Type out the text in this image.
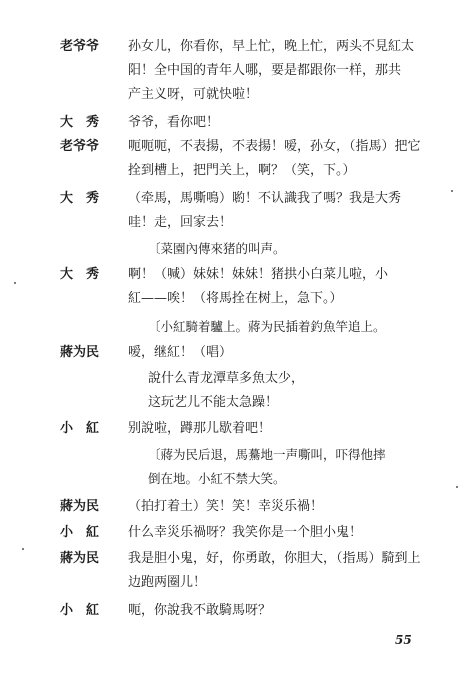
老爷爷 孙女儿，你看你，早上忙，晚上忙，两头不見紅太
阳！全中国的青年人哪，要是都跟你一样，那共
产主义呀，可就快啦！
大　秀 爷爷，看你吧！
老爷爷 呃呃呃，不表揚，不表揚！嗳，孙女，（指馬）把它
拴到槽上，把門关上，啊？（笑，下。）
大　秀 （牵馬，馬嘶鳴）喲！不认識我了嗎？我是大秀
哇！走，回家去！
〔菜園內傳來猪的叫声。
大　秀 啊！（喊）妹妹！妹妹！猪拱小白菜儿啦，小
紅——唉！（将馬拴在树上，急下。）
〔小紅騎着驢上。蔣为民插着釣魚竿追上。
蔣为民 嗳，继紅！（唱）
說什么青龙潭草多魚太少，
这玩艺儿不能太急躁！
小　紅 别說啦，蹲那儿歇着吧！
〔蔣为民后退，馬驀地一声嘶叫，吓得他摔
倒在地。小紅不禁大笑。
蔣为民 （拍打着土）笑！笑！幸災乐禍！
小　紅 什么幸災乐禍呀？我笑你是一个胆小鬼！
蔣为民 我是胆小鬼，好，你勇敢，你胆大，（指馬）騎到上
边跑两圈儿！
小　紅 呃，你說我不敢騎馬呀？
55
